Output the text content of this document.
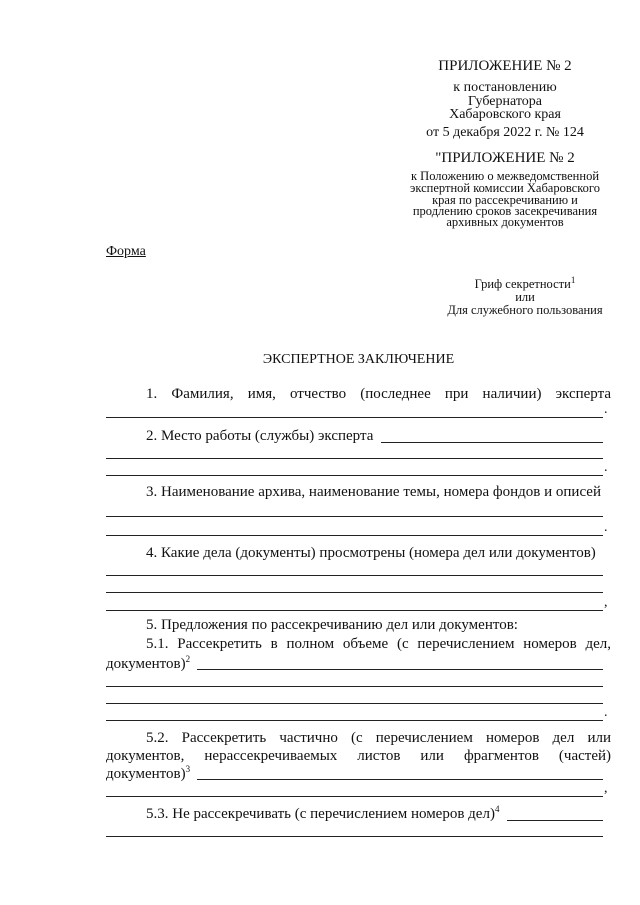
ПРИЛОЖЕНИЕ № 2
к постановлению
Губернатора
Хабаровского края
от 5 декабря 2022 г. № 124
"ПРИЛОЖЕНИЕ № 2
к Положению о межведомственной
экспертной комиссии Хабаровского
края по рассекречиванию и
продлению сроков засекречивания
архивных документов
Форма
Гриф секретности$^1$
или
Для служебного пользования
ЭКСПЕРТНОЕ ЗАКЛЮЧЕНИЕ
1. Фамилия, имя, отчество (последнее при наличии) эксперта
.
2. Место работы (службы) эксперта
.
3. Наименование архива, наименование темы, номера фондов и описей
.
4. Какие дела (документы) просмотрены (номера дел или документов)
,
5. Предложения по рассекречиванию дел или документов:
5.1. Рассекретить в полном объеме (с перечислением номеров дел,
документов)$^2$
.
5.2. Рассекретить частично (с перечислением номеров дел или
документов, нерассекречиваемых листов или фрагментов (частей)
документов)$^3$
,
5.3. Не рассекречивать (с перечислением номеров дел)$^4$
